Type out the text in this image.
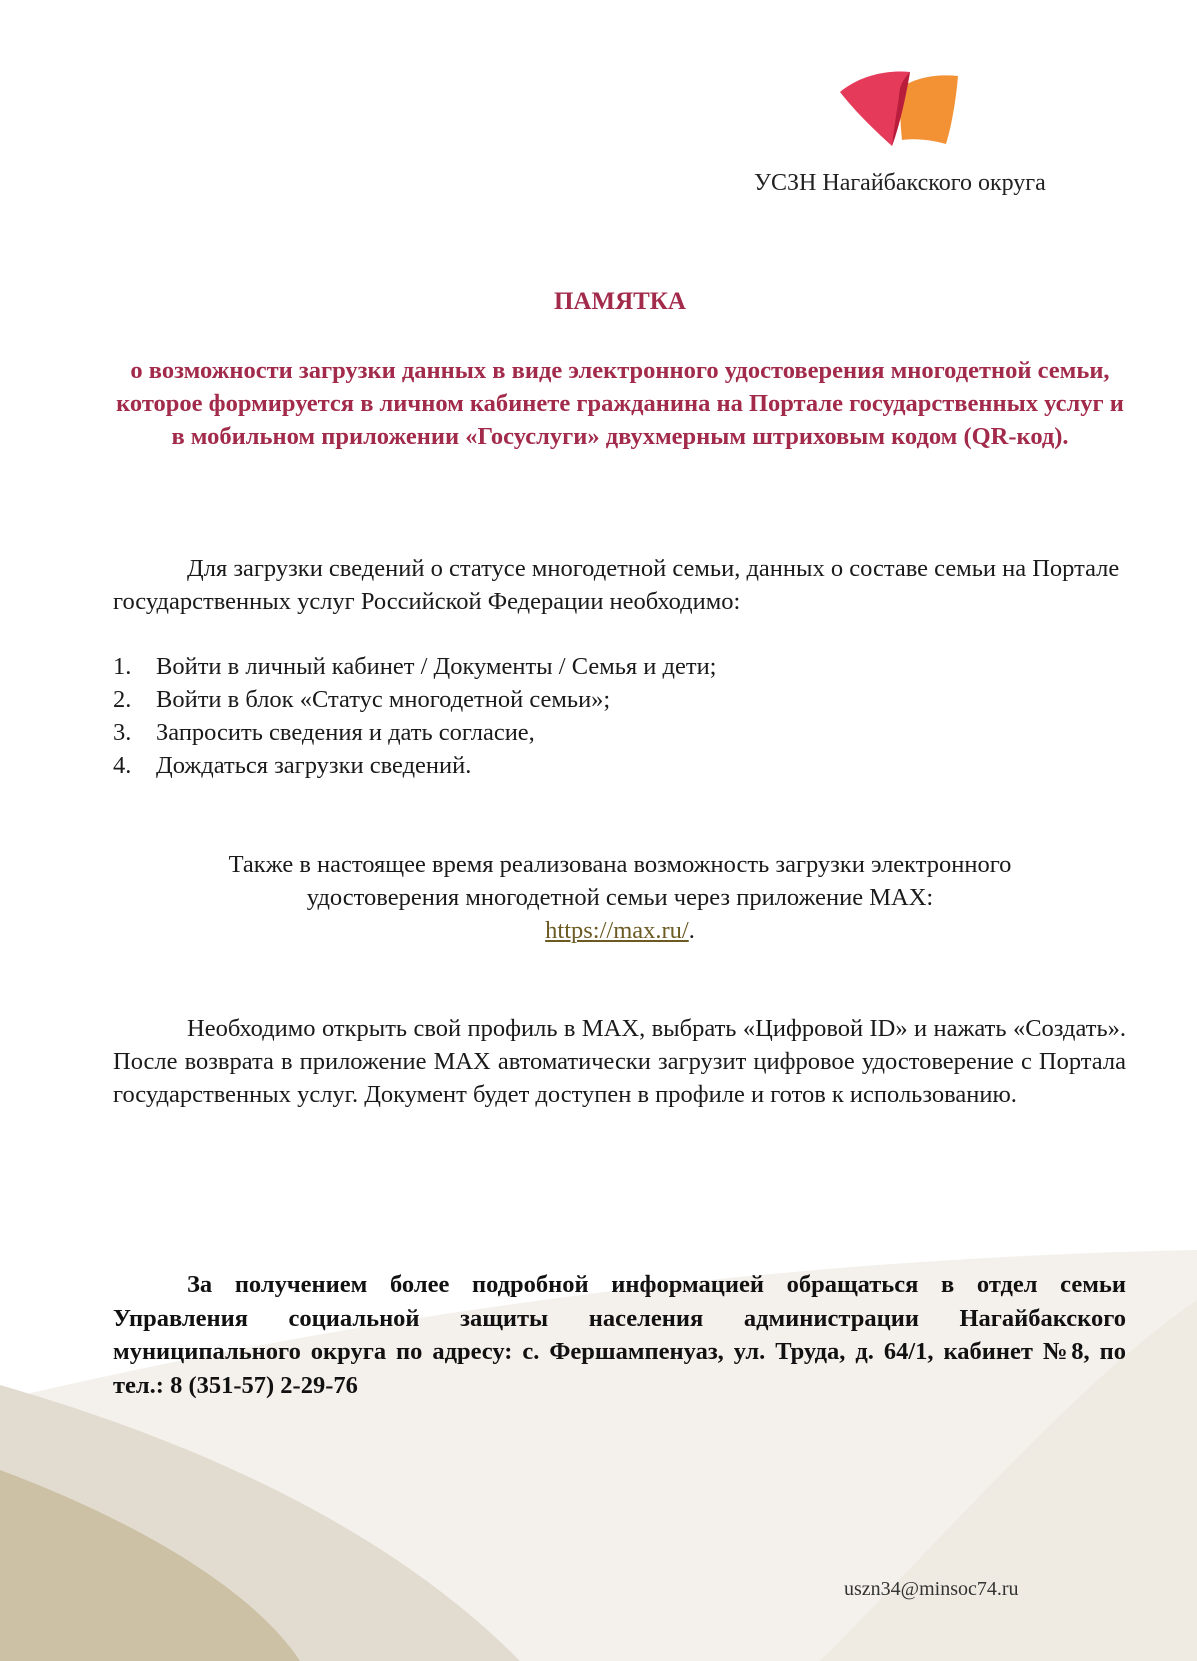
УСЗН Нагайбакского округа
ПАМЯТКА
о возможности загрузки данных в виде электронного удостоверения многодетной семьи, которое формируется в личном кабинете гражданина на Портале государственных услуг и в мобильном приложении «Госуслуги» двухмерным штриховым кодом (QR-код).
Для загрузки сведений о статусе многодетной семьи, данных о составе семьи на Портале государственных услуг Российской Федерации необходимо:
1. Войти в личный кабинет / Документы / Семья и дети;
2. Войти в блок «Статус многодетной семьи»;
3. Запросить сведения и дать согласие,
4. Дождаться загрузки сведений.
Также в настоящее время реализована возможность загрузки электронного удостоверения многодетной семьи через приложение MAX:
https://max.ru/.
Необходимо открыть свой профиль в MAX, выбрать «Цифровой ID» и нажать «Создать». После возврата в приложение MAX автоматически загрузит цифровое удостоверение с Портала государственных услуг. Документ будет доступен в профиле и готов к использованию.
За получением более подробной информацией обращаться в отдел семьи Управления социальной защиты населения администрации Нагайбакского муниципального округа по адресу: с. Фершампенуаз, ул. Труда, д. 64/1, кабинет №8, по тел.: 8 (351-57) 2-29-76
uszn34@minsoc74.ru
